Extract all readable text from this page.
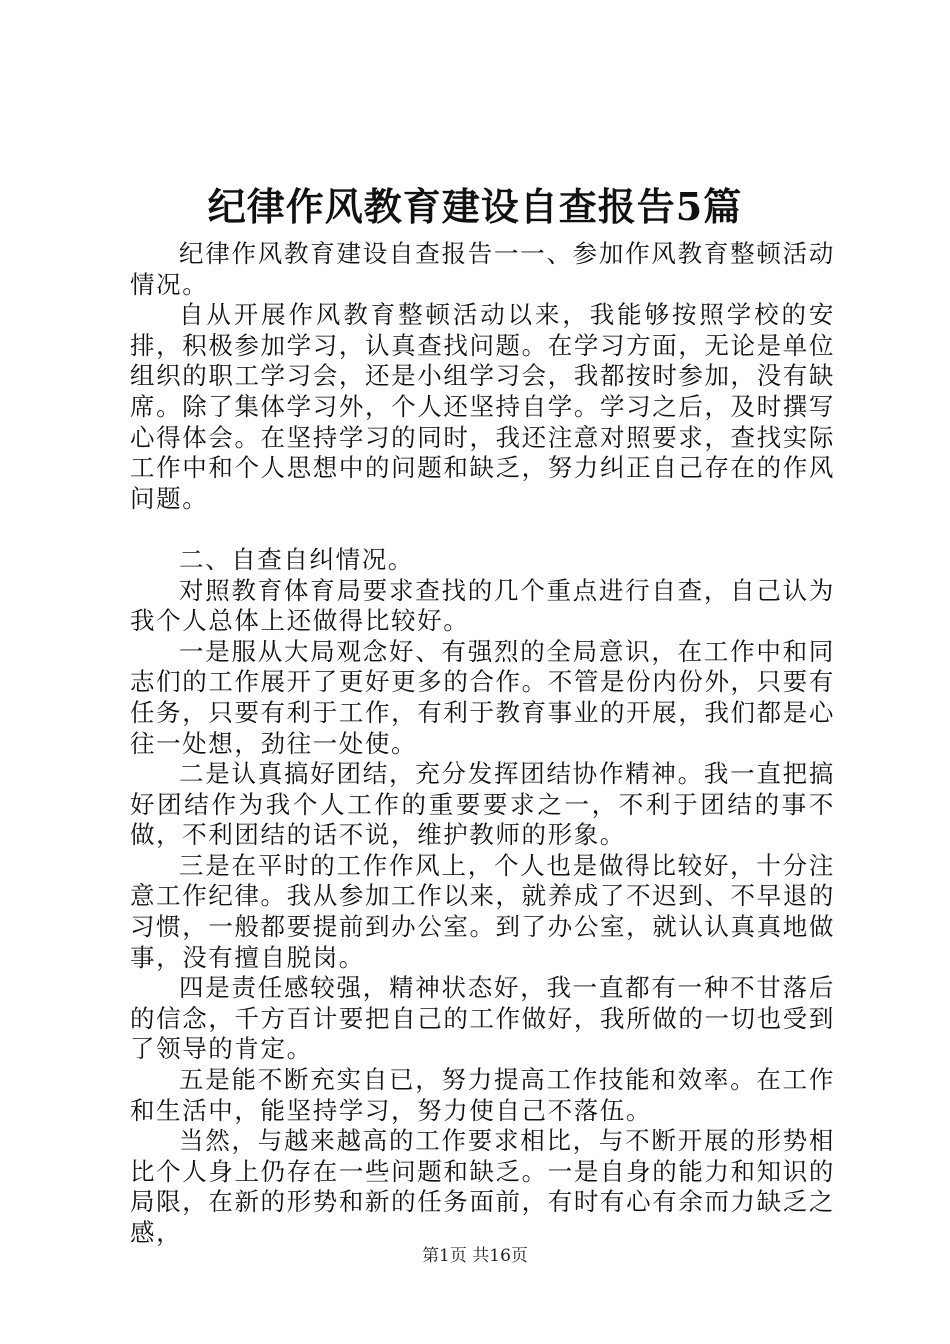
纪律作风教育建设自查报告5篇

纪律作风教育建设自查报告一一、参加作风教育整顿活动情况。

自从开展作风教育整顿活动以来，我能够按照学校的安排，积极参加学习，认真查找问题。在学习方面，无论是单位组织的职工学习会，还是小组学习会，我都按时参加，没有缺席。除了集体学习外，个人还坚持自学。学习之后，及时撰写心得体会。在坚持学习的同时，我还注意对照要求，查找实际工作中和个人思想中的问题和缺乏，努力纠正自己存在的作风问题。

二、自查自纠情况。

对照教育体育局要求查找的几个重点进行自查，自己认为我个人总体上还做得比较好。

一是服从大局观念好、有强烈的全局意识，在工作中和同志们的工作展开了更好更多的合作。不管是份内份外，只要有任务，只要有利于工作，有利于教育事业的开展，我们都是心往一处想，劲往一处使。

二是认真搞好团结，充分发挥团结协作精神。我一直把搞好团结作为我个人工作的重要要求之一，不利于团结的事不做，不利团结的话不说，维护教师的形象。

三是在平时的工作作风上，个人也是做得比较好，十分注意工作纪律。我从参加工作以来，就养成了不迟到、不早退的习惯，一般都要提前到办公室。到了办公室，就认认真真地做事，没有擅自脱岗。

四是责任感较强，精神状态好，我一直都有一种不甘落后的信念，千方百计要把自己的工作做好，我所做的一切也受到了领导的肯定。

五是能不断充实自已，努力提高工作技能和效率。在工作和生活中，能坚持学习，努力使自己不落伍。

当然，与越来越高的工作要求相比，与不断开展的形势相比个人身上仍存在一些问题和缺乏。一是自身的能力和知识的局限，在新的形势和新的任务面前，有时有心有余而力缺乏之感，

第1页 共16页
